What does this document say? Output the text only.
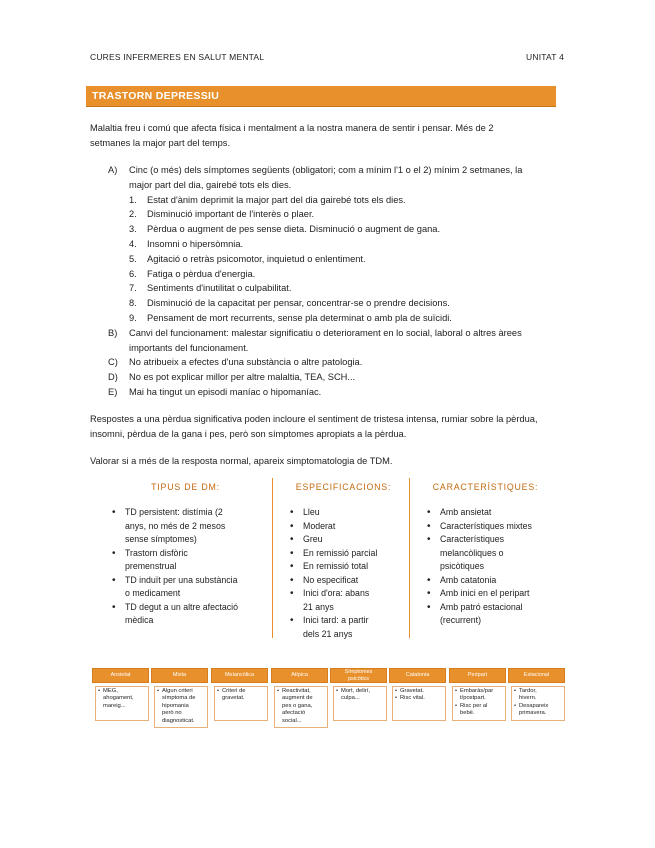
CURES INFERMERES EN SALUT MENTAL	UNITAT 4
TRASTORN DEPRESSIU
Malaltia freu i comú que afecta física i mentalment a la nostra manera de sentir i pensar. Més de 2
setmanes la major part del temps.
A)	Cinc (o més) dels símptomes següents (obligatori; com a mínim l'1 o el 2) mínim 2 setmanes, la
major part del dia, gairebé tots els dies.
1.	Estat d'ànim deprimit la major part del dia gairebé tots els dies.
2.	Disminució important de l'interès o plaer.
3.	Pèrdua o augment de pes sense dieta. Disminució o augment de gana.
4.	Insomni o hipersòmnia.
5.	Agitació o retràs psicomotor, inquietud o enlentiment.
6.	Fatiga o pèrdua d'energia.
7.	Sentiments d'inutilitat o culpabilitat.
8.	Disminució de la capacitat per pensar, concentrar-se o prendre decisions.
9.	Pensament de mort recurrents, sense pla determinat o amb pla de suïcidi.
B)	Canvi del funcionament: malestar significatiu o deteriorament en lo social, laboral o altres àrees
importants del funcionament.
C)	No atribueix a efectes d'una substància o altre patologia.
D)	No es pot explicar millor per altre malaltia, TEA, SCH...
E)	Mai ha tingut un episodi maníac o hipomaníac.
Respostes a una pèrdua significativa poden incloure el sentiment de tristesa intensa, rumiar sobre la pèrdua,
insomni, pèrdua de la gana i pes, però son símptomes apropiats a la pèrdua.
Valorar si a més de la resposta normal, apareix simptomatologia de TDM.
TIPUS DE DM:
• TD persistent: distímia (2
anys, no més de 2 mesos
sense símptomes)
• Trastorn disfòric
premenstrual
• TD induït per una substància
o medicament
• TD degut a un altre afectació
mèdica
ESPECIFICACIONS:
• Lleu
• Moderat
• Greu
• En remissió parcial
• En remissió total
• No especificat
• Inici d'ora: abans
21 anys
• Inici tard: a partir
dels 21 anys
CARACTERÍSTIQUES:
• Amb ansietat
• Característiques mixtes
• Característiques
melancòliques o
psicòtiques
• Amb catatonia
• Amb inici en el peripart
• Amb patró estacional
(recurrent)
Ansietat
• MEG,
ahogament,
mareig...
Mixta
• Algun criteri
símptoma de
hipomania
però no
diagnosticat.
Melancòlica
• Criteri de
gravetat.
Atípica
• Reactivitat,
augment de
pes o gana,
afectació
social...
Símptomes
psicòtics
• Mort, delirí,
culpa...
Catatonia
• Gravetat.
• Risc vital.
Peripart
• Embaràs/par
t/postpart.
• Risc per al
bebè.
Estacional
• Tardor,
hivern.
• Desapareix
primavera.
